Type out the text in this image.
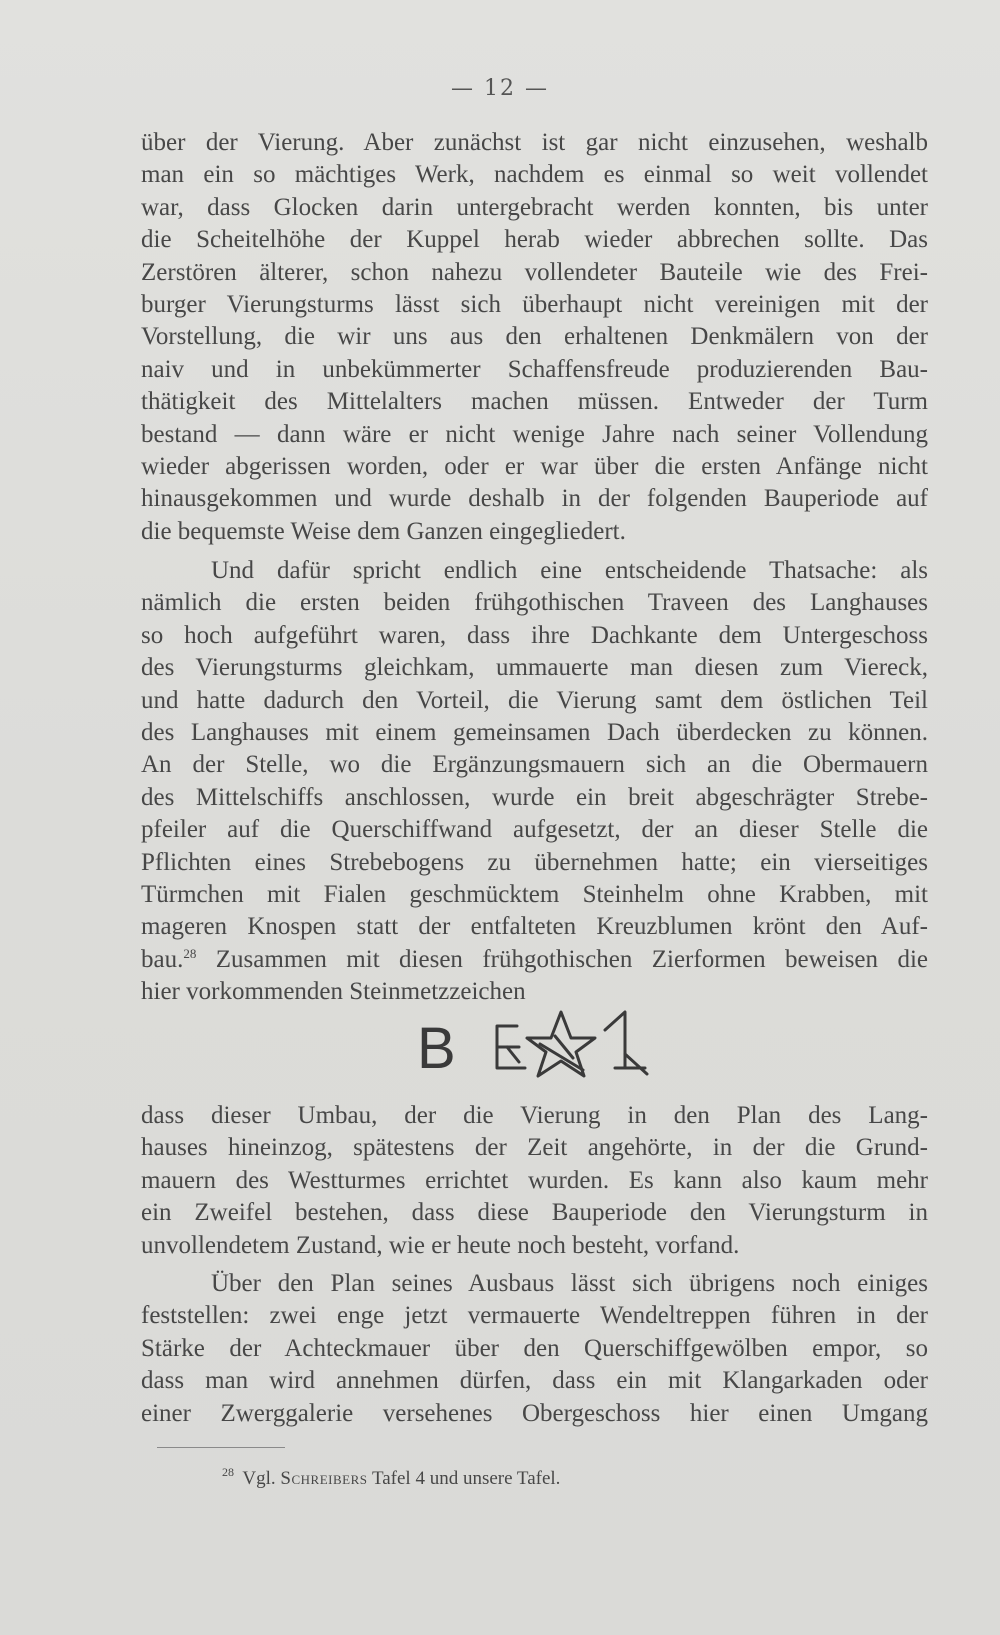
— 12 —
über der Vierung. Aber zunächst ist gar nicht einzusehen, weshalb
man ein so mächtiges Werk, nachdem es einmal so weit vollendet
war, dass Glocken darin untergebracht werden konnten, bis unter
die Scheitelhöhe der Kuppel herab wieder abbrechen sollte. Das
Zerstören älterer, schon nahezu vollendeter Bauteile wie des Frei-
burger Vierungsturms lässt sich überhaupt nicht vereinigen mit der
Vorstellung, die wir uns aus den erhaltenen Denkmälern von der
naiv und in unbekümmerter Schaffensfreude produzierenden Bau-
thätigkeit des Mittelalters machen müssen. Entweder der Turm
bestand — dann wäre er nicht wenige Jahre nach seiner Vollendung
wieder abgerissen worden, oder er war über die ersten Anfänge nicht
hinausgekommen und wurde deshalb in der folgenden Bauperiode auf
die bequemste Weise dem Ganzen eingegliedert.
Und dafür spricht endlich eine entscheidende Thatsache: als
nämlich die ersten beiden frühgothischen Traveen des Langhauses
so hoch aufgeführt waren, dass ihre Dachkante dem Untergeschoss
des Vierungsturms gleichkam, ummauerte man diesen zum Viereck,
und hatte dadurch den Vorteil, die Vierung samt dem östlichen Teil
des Langhauses mit einem gemeinsamen Dach überdecken zu können.
An der Stelle, wo die Ergänzungsmauern sich an die Obermauern
des Mittelschiffs anschlossen, wurde ein breit abgeschrägter Strebe-
pfeiler auf die Querschiffwand aufgesetzt, der an dieser Stelle die
Pflichten eines Strebebogens zu übernehmen hatte; ein vierseitiges
Türmchen mit Fialen geschmücktem Steinhelm ohne Krabben, mit
mageren Knospen statt der entfalteten Kreuzblumen krönt den Auf-
bau.$^{28}$ Zusammen mit diesen frühgothischen Zierformen beweisen die
hier vorkommenden Steinmetzzeichen
B
dass dieser Umbau, der die Vierung in den Plan des Lang-
hauses hineinzog, spätestens der Zeit angehörte, in der die Grund-
mauern des Westturmes errichtet wurden. Es kann also kaum mehr
ein Zweifel bestehen, dass diese Bauperiode den Vierungsturm in
unvollendetem Zustand, wie er heute noch besteht, vorfand.
Über den Plan seines Ausbaus lässt sich übrigens noch einiges
feststellen: zwei enge jetzt vermauerte Wendeltreppen führen in der
Stärke der Achteckmauer über den Querschiffgewölben empor, so
dass man wird annehmen dürfen, dass ein mit Klangarkaden oder
einer Zwerggalerie versehenes Obergeschoss hier einen Umgang
$^{28}$ Vgl. Schreibers Tafel 4 und unsere Tafel.
